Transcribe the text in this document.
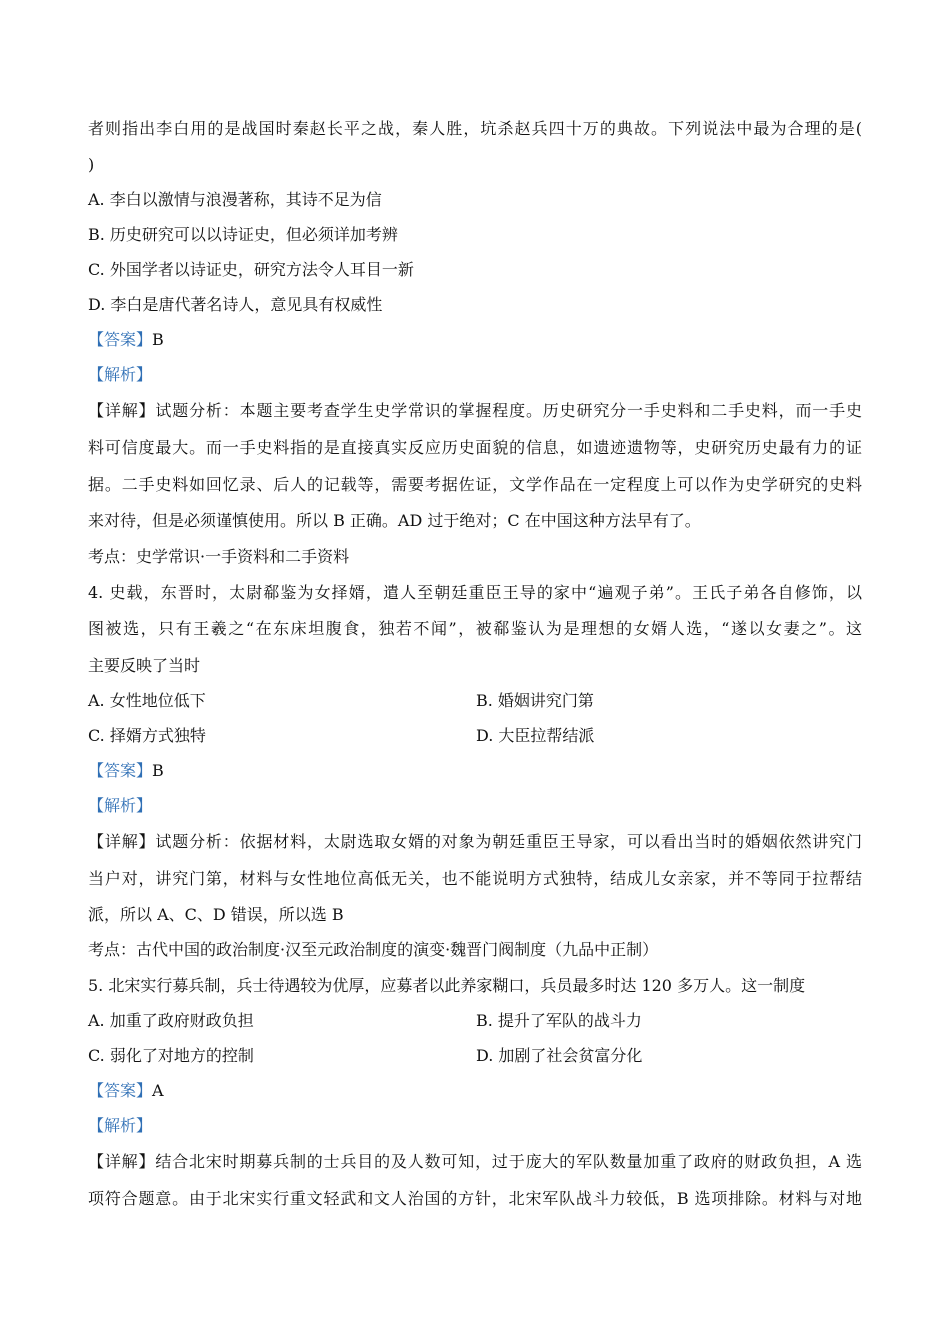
者则指出李白用的是战国时秦赵长平之战，秦人胜，坑杀赵兵四十万的典故。下列说法中最为合理的是(
)
A. 李白以激情与浪漫著称，其诗不足为信
B. 历史研究可以以诗证史，但必须详加考辨
C. 外国学者以诗证史，研究方法令人耳目一新
D. 李白是唐代著名诗人，意见具有权威性
【答案】B
【解析】
【详解】试题分析：本题主要考查学生史学常识的掌握程度。历史研究分一手史料和二手史料，而一手史
料可信度最大。而一手史料指的是直接真实反应历史面貌的信息，如遗迹遗物等，史研究历史最有力的证
据。二手史料如回忆录、后人的记载等，需要考据佐证，文学作品在一定程度上可以作为史学研究的史料
来对待，但是必须谨慎使用。所以 B 正确。AD 过于绝对；C 在中国这种方法早有了。
考点：史学常识·一手资料和二手资料
4. 史载，东晋时，太尉郗鉴为女择婿，遣人至朝廷重臣王导的家中“遍观子弟”。王氏子弟各自修饰，以
图被选，只有王羲之“在东床坦腹食，独若不闻”，被郗鉴认为是理想的女婿人选，“遂以女妻之”。这
主要反映了当时
A. 女性地位低下	B. 婚姻讲究门第
C. 择婿方式独特	D. 大臣拉帮结派
【答案】B
【解析】
【详解】试题分析：依据材料，太尉选取女婿的对象为朝廷重臣王导家，可以看出当时的婚姻依然讲究门
当户对，讲究门第，材料与女性地位高低无关，也不能说明方式独特，结成儿女亲家，并不等同于拉帮结
派，所以 A、C、D 错误，所以选 B
考点：古代中国的政治制度·汉至元政治制度的演变·魏晋门阀制度（九品中正制）
5. 北宋实行募兵制，兵士待遇较为优厚，应募者以此养家糊口，兵员最多时达 120 多万人。这一制度
A. 加重了政府财政负担	B. 提升了军队的战斗力
C. 弱化了对地方的控制	D. 加剧了社会贫富分化
【答案】A
【解析】
【详解】结合北宋时期募兵制的士兵目的及人数可知，过于庞大的军队数量加重了政府的财政负担，A 选
项符合题意。由于北宋实行重文轻武和文人治国的方针，北宋军队战斗力较低，B 选项排除。材料与对地
